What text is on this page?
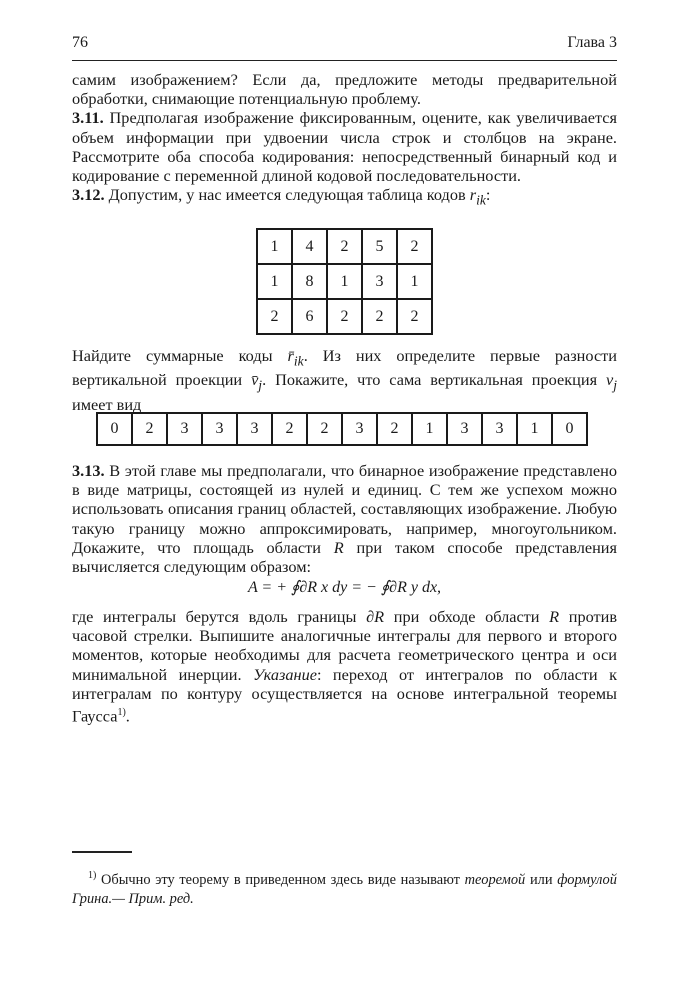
76	Глава 3

самим изображением? Если да, предложите методы предварительной обработки, снимающие потенциальную проблему.

3.11. Предполагая изображение фиксированным, оцените, как увеличивается объем информации при удвоении числа строк и столбцов на экране. Рассмотрите оба способа кодирования: непосредственный бинарный код и кодирование с переменной длиной кодовой последовательности.

3.12. Допустим, у нас имеется следующая таблица кодов $r_{ik}$:

1	4	2	5	2
1	8	1	3	1
2	6	2	2	2

Найдите суммарные коды $r̄_{ik}$. Из них определите первые разности вертикальной проекции $v̄_j$. Покажите, что сама вертикальная проекция $v_j$ имеет вид

0	2	3	3	3	2	2	3	2	1	3	3	1	0

3.13. В этой главе мы предполагали, что бинарное изображение представлено в виде матрицы, состоящей из нулей и единиц. С тем же успехом можно использовать описания границ областей, составляющих изображение. Любую такую границу можно аппроксимировать, например, многоугольником. Докажите, что площадь области R при таком способе представления вычисляется следующим образом:

A = + ∮∂R x dy = − ∮∂R y dx,

где интегралы берутся вдоль границы ∂R при обходе области R против часовой стрелки. Выпишите аналогичные интегралы для первого и второго моментов, которые необходимы для расчета геометрического центра и оси минимальной инерции. Указание: переход от интегралов по области к интегралам по контуру осуществляется на основе интегральной теоремы Гаусса$^{1)}$.

$^{1)}$ Обычно эту теорему в приведенном здесь виде называют теоремой или формулой Грина.— Прим. ред.
